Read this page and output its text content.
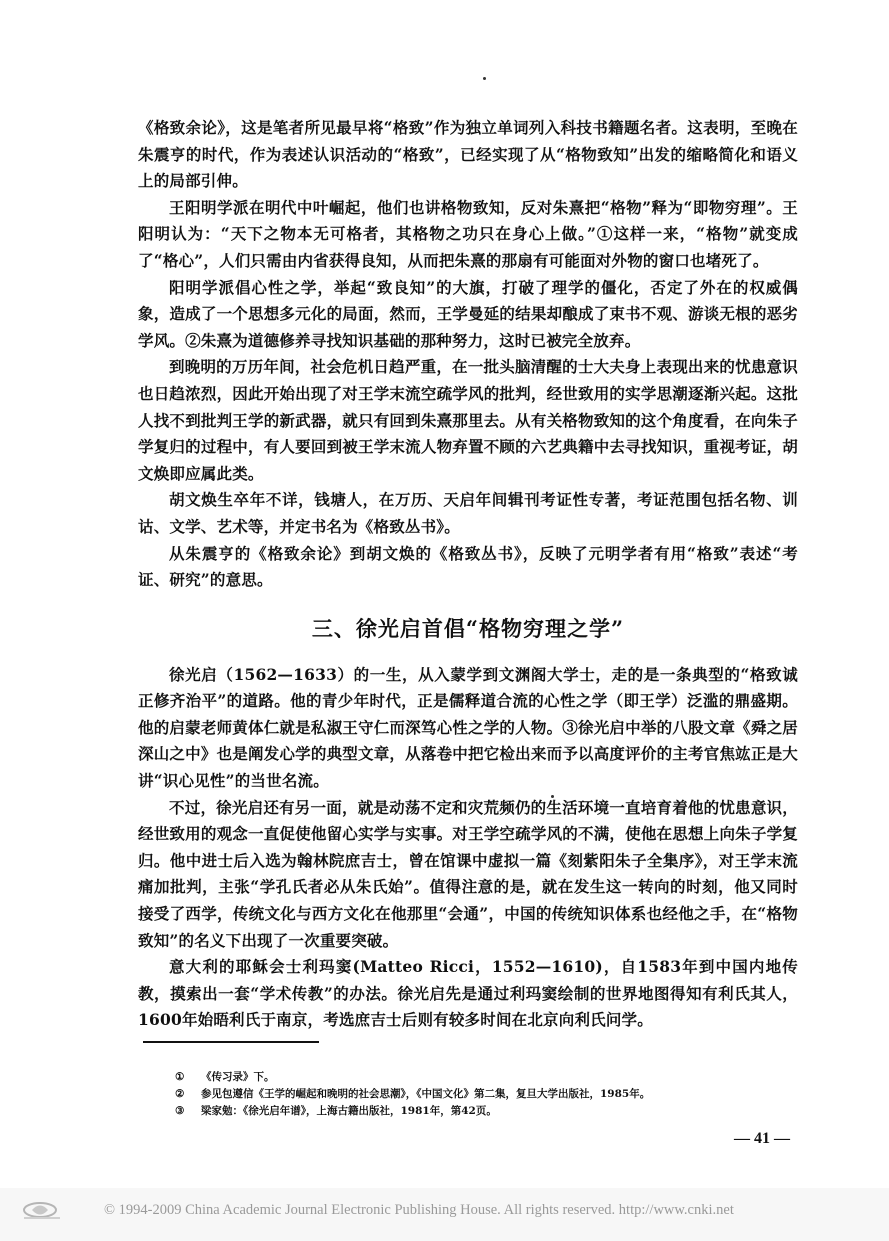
《格致余论》，这是笔者所见最早将“格致”作为独立单词列入科技书籍题名者。这表明，至晚在朱震亨的时代，作为表述认识活动的“格致”，已经实现了从“格物致知”出发的缩略简化和语义上的局部引伸。

王阳明学派在明代中叶崛起，他们也讲格物致知，反对朱熹把“格物”释为“即物穷理”。王阳明认为：“天下之物本无可格者，其格物之功只在身心上做。”①这样一来，“格物”就变成了“格心”，人们只需由内省获得良知，从而把朱熹的那扇有可能面对外物的窗口也堵死了。

阳明学派倡心性之学，举起“致良知”的大旗，打破了理学的僵化，否定了外在的权威偶象，造成了一个思想多元化的局面，然而，王学曼延的结果却酿成了束书不观、游谈无根的恶劣学风。②朱熹为道德修养寻找知识基础的那种努力，这时已被完全放弃。

到晚明的万历年间，社会危机日趋严重，在一批头脑清醒的士大夫身上表现出来的忧患意识也日趋浓烈，因此开始出现了对王学末流空疏学风的批判，经世致用的实学思潮逐渐兴起。这批人找不到批判王学的新武器，就只有回到朱熹那里去。从有关格物致知的这个角度看，在向朱子学复归的过程中，有人要回到被王学末流人物弃置不顾的六艺典籍中去寻找知识，重视考证，胡文焕即应属此类。

胡文焕生卒年不详，钱塘人，在万历、天启年间辑刊考证性专著，考证范围包括名物、训诂、文学、艺术等，并定书名为《格致丛书》。

从朱震亨的《格致余论》到胡文焕的《格致丛书》，反映了元明学者有用“格致”表述“考证、研究”的意思。

三、徐光启首倡“格物穷理之学”

徐光启（1562—1633）的一生，从入蒙学到文渊阁大学士，走的是一条典型的“格致诚正修齐治平”的道路。他的青少年时代，正是儒释道合流的心性之学（即王学）泛滥的鼎盛期。他的启蒙老师黄体仁就是私淑王守仁而深笃心性之学的人物。③徐光启中举的八股文章《舜之居深山之中》也是阐发心学的典型文章，从落卷中把它检出来而予以高度评价的主考官焦竑正是大讲“识心见性”的当世名流。

不过，徐光启还有另一面，就是动荡不定和灾荒频仍的生活环境一直培育着他的忧患意识，经世致用的观念一直促使他留心实学与实事。对王学空疏学风的不满，使他在思想上向朱子学复归。他中进士后入选为翰林院庶吉士，曾在馆课中虚拟一篇《刻紫阳朱子全集序》，对王学末流痛加批判，主张“学孔氏者必从朱氏始”。值得注意的是，就在发生这一转向的时刻，他又同时接受了西学，传统文化与西方文化在他那里“会通”，中国的传统知识体系也经他之手，在“格物致知”的名义下出现了一次重要突破。

意大利的耶稣会士利玛窦(Matteo Ricci，1552—1610)，自1583年到中国内地传教，摸索出一套“学术传教”的办法。徐光启先是通过利玛窦绘制的世界地图得知有利氏其人，1600年始晤利氏于南京，考选庶吉士后则有较多时间在北京向利氏问学。

①	《传习录》下。
②	参见包遵信《王学的崛起和晚明的社会思潮》，《中国文化》第二集，复旦大学出版社，1985年。
③	梁家勉：《徐光启年谱》，上海古籍出版社，1981年，第42页。
— 41 —
© 1994-2009 China Academic Journal Electronic Publishing House. All rights reserved. http://www.cnki.net
